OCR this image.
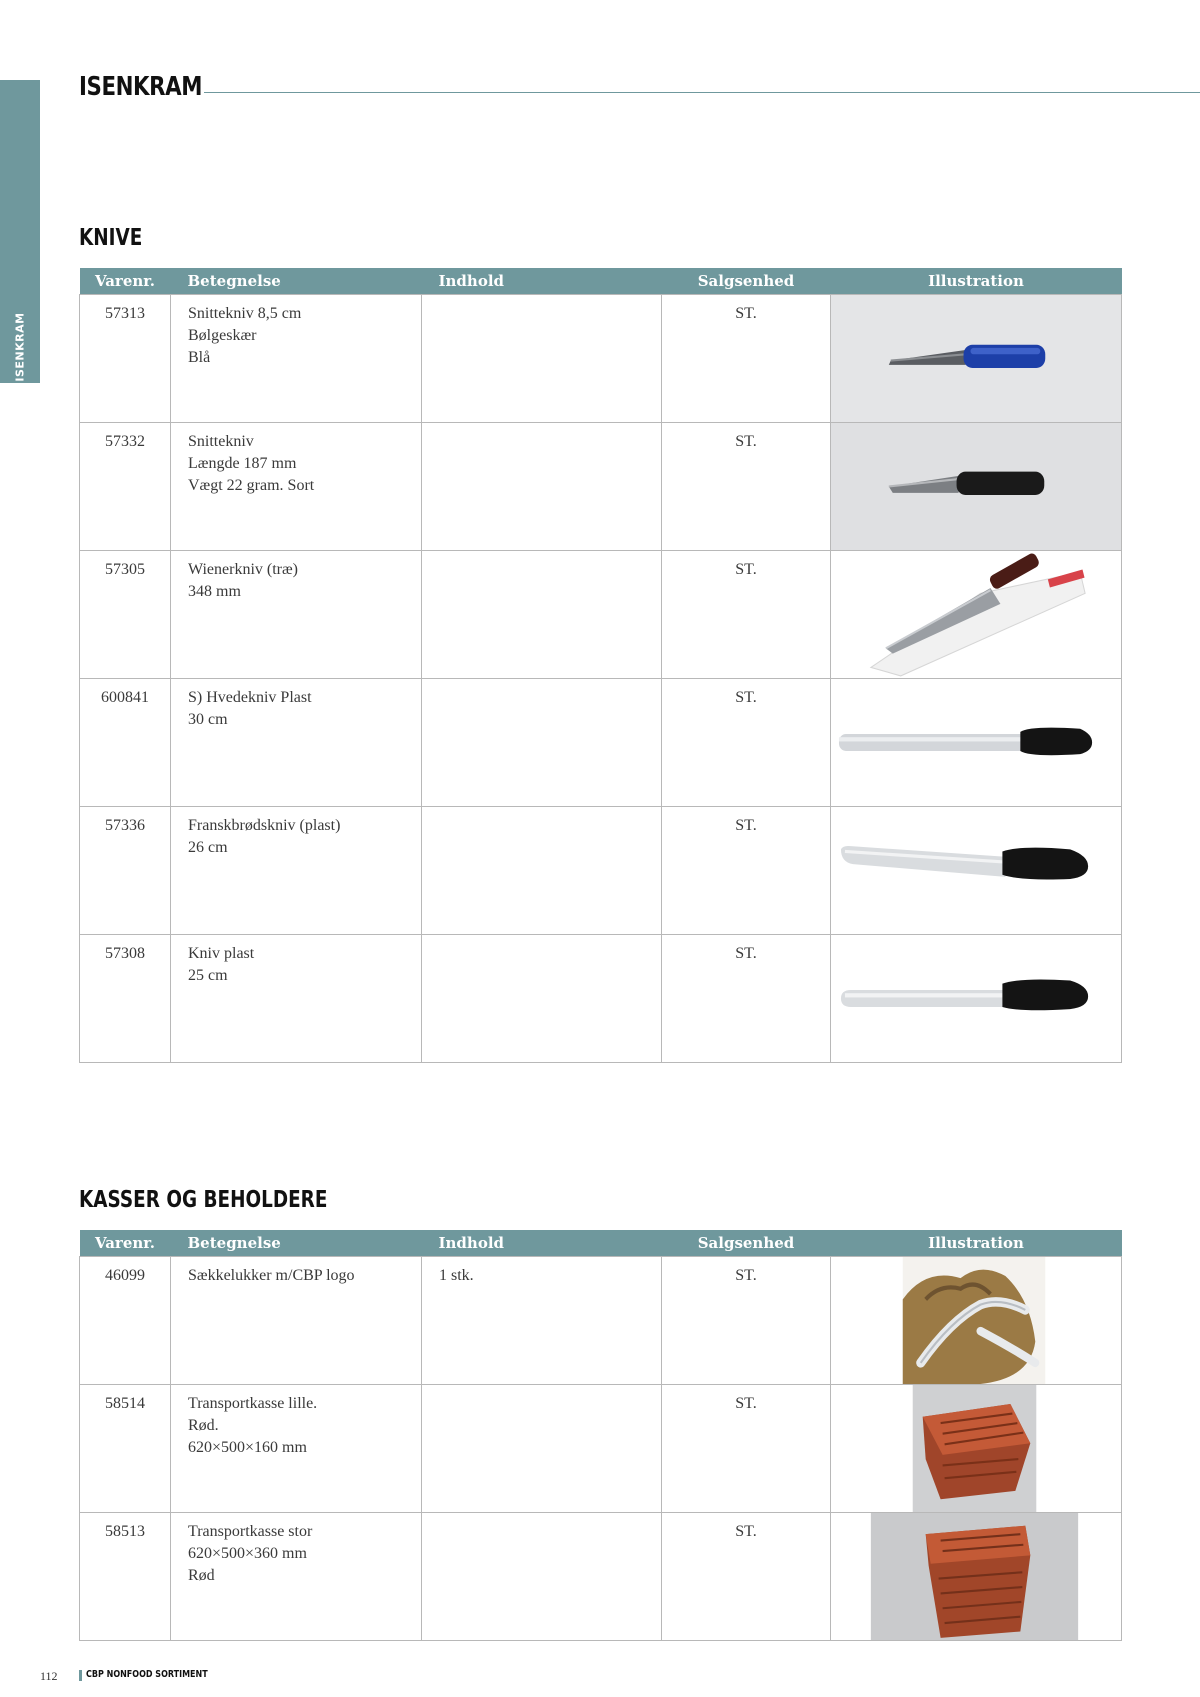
ISENKRAM
ISENKRAM
KNIVE
Varenr.	Betegnelse	Indhold	Salgsenhed	Illustration
57313	Snittekniv 8,5 cm
Bølgeskær
Blå		ST.	

57332	Snittekniv
Længde 187 mm
Vægt 22 gram. Sort		ST.	

57305	Wienerkniv (træ)
348 mm		ST.	

600841	S) Hvedekniv Plast
30 cm		ST.	

57336	Franskbrødskniv (plast)
26 cm		ST.	

57308	Kniv plast
25 cm		ST.	
KASSER OG BEHOLDERE
Varenr.	Betegnelse	Indhold	Salgsenhed	Illustration
46099	Sækkelukker m/CBP logo	1 stk.	ST.	

58514	Transportkasse lille.
Rød.
620×500×160 mm		ST.	

58513	Transportkasse stor
620×500×360 mm
Rød		ST.	
112	CBP NONFOOD SORTIMENT
